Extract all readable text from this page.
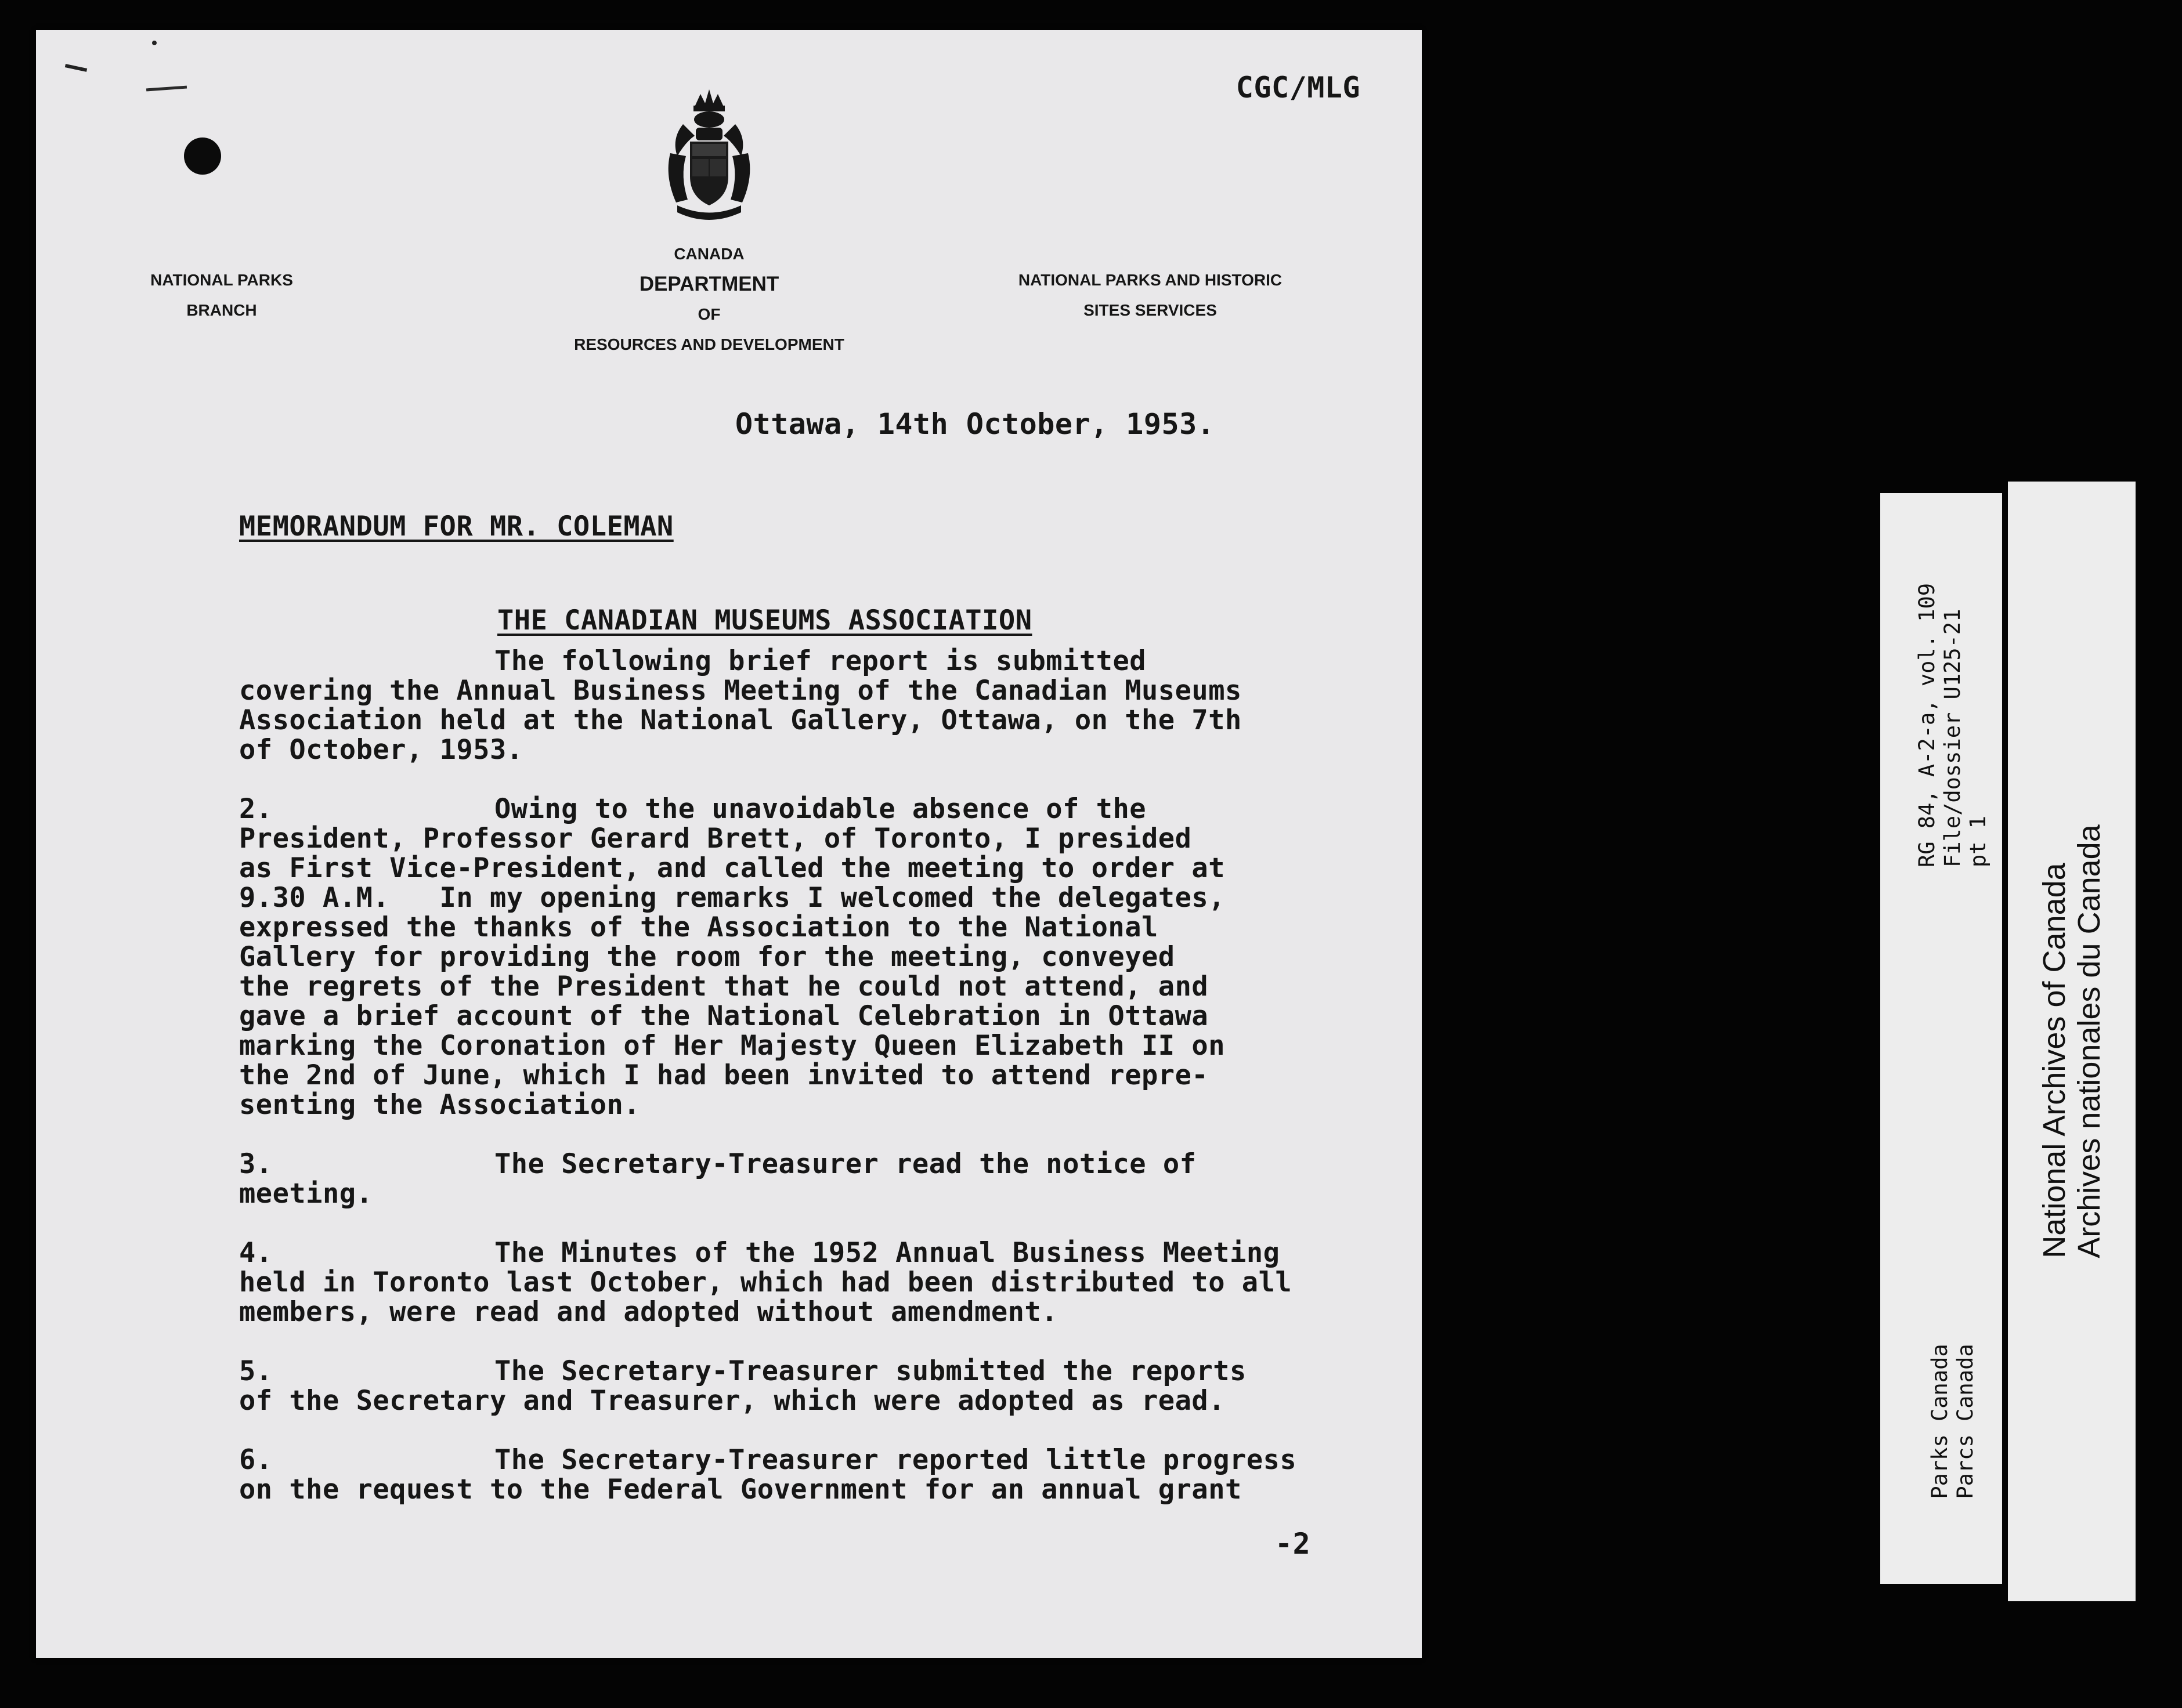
CGC/MLG
NATIONAL PARKS
BRANCH
CANADA
DEPARTMENT
OF
RESOURCES AND DEVELOPMENT
NATIONAL PARKS AND HISTORIC
SITES SERVICES
Ottawa, 14th October, 1953.
MEMORANDUM FOR MR. COLEMAN
THE CANADIAN MUSEUMS ASSOCIATION
The following brief report is submitted
covering the Annual Business Meeting of the Canadian Museums
Association held at the National Gallery, Ottawa, on the 7th
of October, 1953.
2.	Owing to the unavoidable absence of the
President, Professor Gerard Brett, of Toronto, I presided
as First Vice-President, and called the meeting to order at
9.30 A.M.   In my opening remarks I welcomed the delegates,
expressed the thanks of the Association to the National
Gallery for providing the room for the meeting, conveyed
the regrets of the President that he could not attend, and
gave a brief account of the National Celebration in Ottawa
marking the Coronation of Her Majesty Queen Elizabeth II on
the 2nd of June, which I had been invited to attend repre-
senting the Association.
3.	The Secretary-Treasurer read the notice of
meeting.
4.	The Minutes of the 1952 Annual Business Meeting
held in Toronto last October, which had been distributed to all
members, were read and adopted without amendment.
5.	The Secretary-Treasurer submitted the reports
of the Secretary and Treasurer, which were adopted as read.
6.	The Secretary-Treasurer reported little progress
on the request to the Federal Government for an annual grant
-2
RG 84, A-2-a, vol. 109 File/dossier U125-21 pt 1
Parks Canada Parcs Canada
National Archives of Canada Archives nationales du Canada
